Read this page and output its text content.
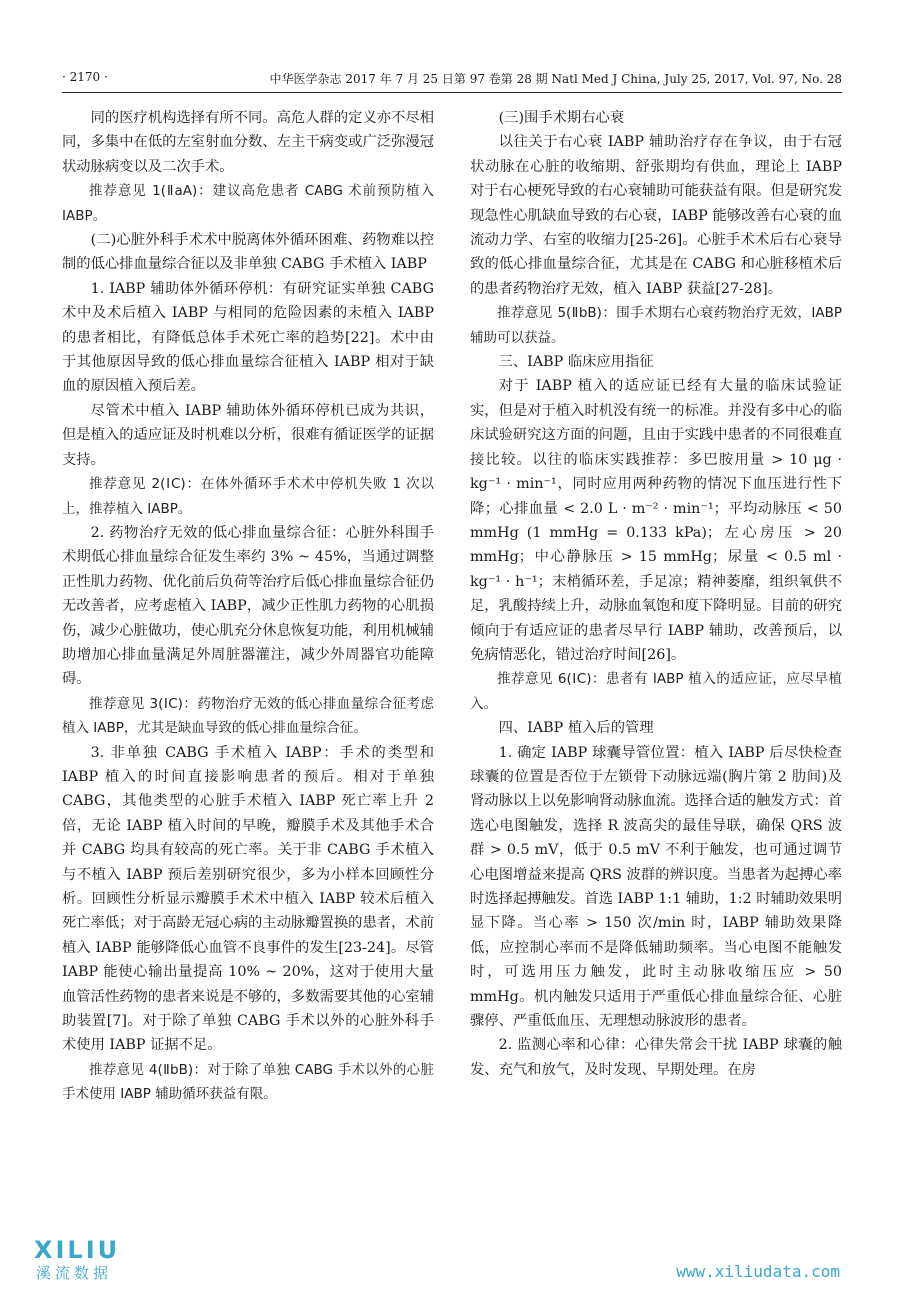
· 2170 ·	中华医学杂志 2017 年 7 月 25 日第 97 卷第 28 期 Natl Med J China, July 25, 2017, Vol. 97, No. 28

同的医疗机构选择有所不同。高危人群的定义亦不尽相同，多集中在低的左室射血分数、左主干病变或广泛弥漫冠状动脉病变以及二次手术。

推荐意见 1(ⅡaA)：建议高危患者 CABG 术前预防植入 IABP。

(二)心脏外科手术术中脱离体外循环困难、药物难以控制的低心排血量综合征以及非单独 CABG 手术植入 IABP

1. IABP 辅助体外循环停机：有研究证实单独 CABG 术中及术后植入 IABP 与相同的危险因素的未植入 IABP 的患者相比，有降低总体手术死亡率的趋势[22]。术中由于其他原因导致的低心排血量综合征植入 IABP 相对于缺血的原因植入预后差。

尽管术中植入 IABP 辅助体外循环停机已成为共识，但是植入的适应证及时机难以分析，很难有循证医学的证据支持。

推荐意见 2(ⅠC)：在体外循环手术术中停机失败 1 次以上，推荐植入 IABP。

2. 药物治疗无效的低心排血量综合征：心脏外科围手术期低心排血量综合征发生率约 3% ~ 45%，当通过调整正性肌力药物、优化前后负荷等治疗后低心排血量综合征仍无改善者，应考虑植入 IABP，减少正性肌力药物的心肌损伤，减少心脏做功，使心肌充分休息恢复功能，利用机械辅助增加心排血量满足外周脏器灌注，减少外周器官功能障碍。

推荐意见 3(ⅠC)：药物治疗无效的低心排血量综合征考虑植入 IABP，尤其是缺血导致的低心排血量综合征。

3. 非单独 CABG 手术植入 IABP：手术的类型和 IABP 植入的时间直接影响患者的预后。相对于单独 CABG，其他类型的心脏手术植入 IABP 死亡率上升 2 倍，无论 IABP 植入时间的早晚，瓣膜手术及其他手术合并 CABG 均具有较高的死亡率。关于非 CABG 手术植入与不植入 IABP 预后差别研究很少，多为小样本回顾性分析。回顾性分析显示瓣膜手术术中植入 IABP 较术后植入死亡率低；对于高龄无冠心病的主动脉瓣置换的患者，术前植入 IABP 能够降低心血管不良事件的发生[23-24]。尽管 IABP 能使心输出量提高 10% ~ 20%，这对于使用大量血管活性药物的患者来说是不够的，多数需要其他的心室辅助装置[7]。对于除了单独 CABG 手术以外的心脏外科手术使用 IABP 证据不足。

推荐意见 4(ⅡbB)：对于除了单独 CABG 手术以外的心脏手术使用 IABP 辅助循环获益有限。

(三)围手术期右心衰

以往关于右心衰 IABP 辅助治疗存在争议，由于右冠状动脉在心脏的收缩期、舒张期均有供血，理论上 IABP 对于右心梗死导致的右心衰辅助可能获益有限。但是研究发现急性心肌缺血导致的右心衰，IABP 能够改善右心衰的血流动力学、右室的收缩力[25-26]。心脏手术术后右心衰导致的低心排血量综合征，尤其是在 CABG 和心脏移植术后的患者药物治疗无效，植入 IABP 获益[27-28]。

推荐意见 5(ⅡbB)：围手术期右心衰药物治疗无效，IABP 辅助可以获益。

三、IABP 临床应用指征

对于 IABP 植入的适应证已经有大量的临床试验证实，但是对于植入时机没有统一的标准。并没有多中心的临床试验研究这方面的问题，且由于实践中患者的不同很难直接比较。以往的临床实践推荐：多巴胺用量 > 10 μg · kg⁻¹ · min⁻¹，同时应用两种药物的情况下血压进行性下降；心排血量 < 2.0 L · m⁻² · min⁻¹；平均动脉压 < 50 mmHg (1 mmHg = 0.133 kPa)；左心房压 > 20 mmHg；中心静脉压 > 15 mmHg；尿量 < 0.5 ml · kg⁻¹ · h⁻¹；末梢循环差，手足凉；精神萎靡，组织氧供不足，乳酸持续上升，动脉血氧饱和度下降明显。目前的研究倾向于有适应证的患者尽早行 IABP 辅助，改善预后，以免病情恶化，错过治疗时间[26]。

推荐意见 6(ⅠC)：患者有 IABP 植入的适应证，应尽早植入。

四、IABP 植入后的管理

1. 确定 IABP 球囊导管位置：植入 IABP 后尽快检查球囊的位置是否位于左锁骨下动脉远端(胸片第 2 肋间)及肾动脉以上以免影响肾动脉血流。选择合适的触发方式：首选心电图触发，选择 R 波高尖的最佳导联，确保 QRS 波群 > 0.5 mV，低于 0.5 mV 不利于触发，也可通过调节心电图增益来提高 QRS 波群的辨识度。当患者为起搏心率时选择起搏触发。首选 IABP 1:1 辅助，1:2 时辅助效果明显下降。当心率 > 150 次/min 时，IABP 辅助效果降低，应控制心率而不是降低辅助频率。当心电图不能触发时，可选用压力触发，此时主动脉收缩压应 > 50 mmHg。机内触发只适用于严重低心排血量综合征、心脏骤停、严重低血压、无理想动脉波形的患者。

2. 监测心率和心律：心律失常会干扰 IABP 球囊的触发、充气和放气，及时发现、早期处理。在房

XILIU
溪流数据	www.xiliudata.com
